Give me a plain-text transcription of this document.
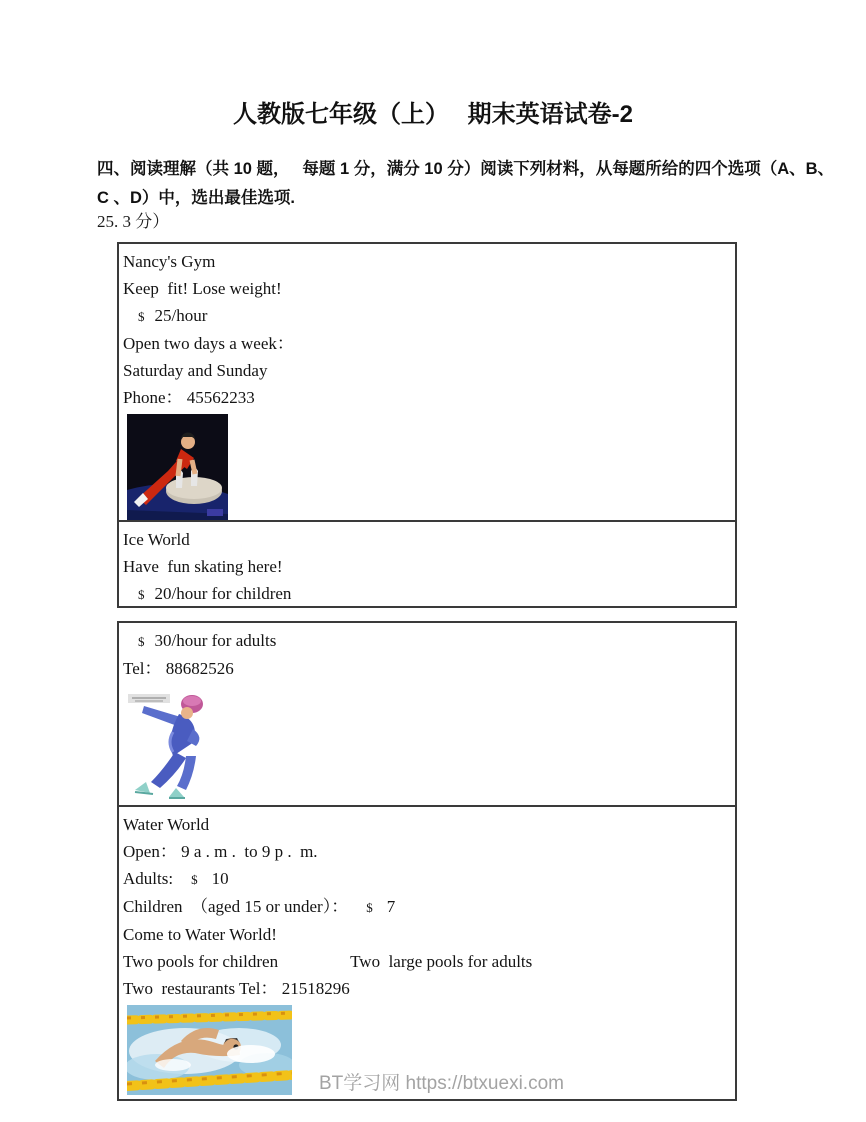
人教版七年级（上）　 期末英语试卷-2
四、阅读理解（共 10 题，　 每题 1 分，满分 10 分）阅读下列材料，从每题所给的四个选项（A、B、
C 、D）中，选出最佳选项.
25. 3 分）
Nancy's Gym
Keep  fit! Lose weight!
$ 25/hour
Open two days a week：
Saturday and Sunday
Phone： 45562233
Ice World
Have  fun skating here!
$ 20/hour for children
$ 30/hour for adults
Tel： 88682526
Water World
Open： 9 a . m .  to 9 p .  m.
Adults: $ 10
Children  （aged 15 or under）： $ 7
Come to Water World!
Two pools for children	Two  large pools for adults
Two  restaurants Tel： 21518296
BT学习网 https://btxuexi.com
